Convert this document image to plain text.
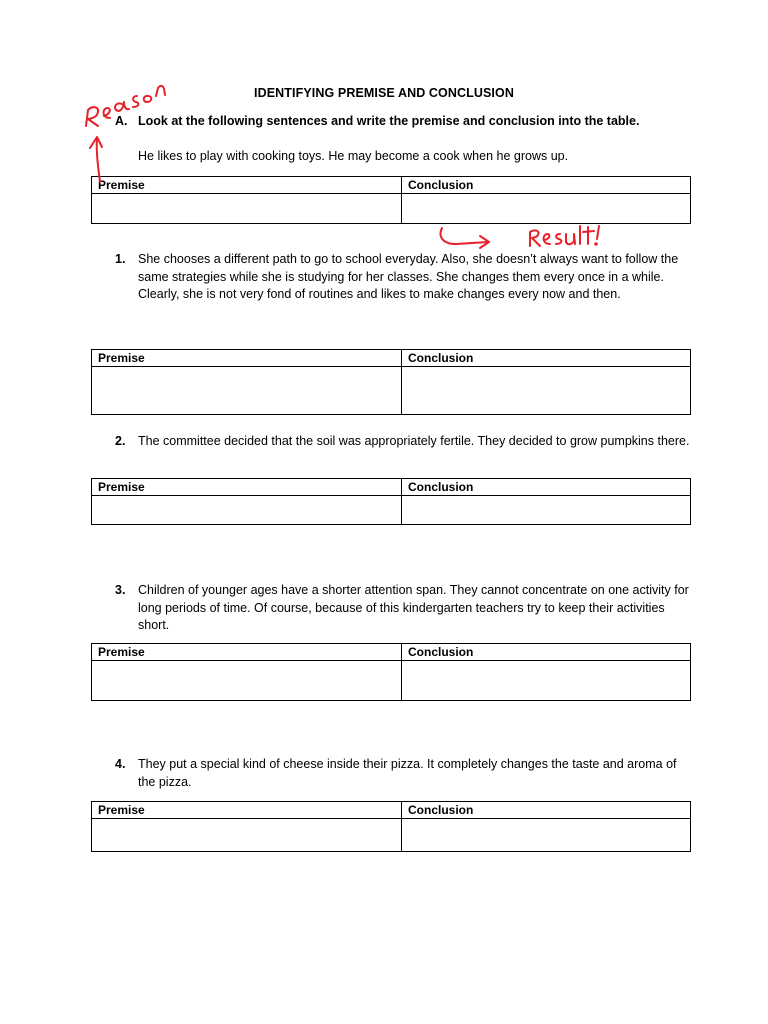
IDENTIFYING PREMISE AND CONCLUSION
A. Look at the following sentences and write the premise and conclusion into the table.
He likes to play with cooking toys. He may become a cook when he grows up.
Premise	Conclusion

1. She chooses a different path to go to school everyday. Also, she doesn’t always want to follow the same strategies while she is studying for her classes. She changes them every once in a while. Clearly, she is not very fond of routines and likes to make changes every now and then.
Premise	Conclusion

2. The committee decided that the soil was appropriately fertile. They decided to grow pumpkins there.
Premise	Conclusion

3. Children of younger ages have a shorter attention span. They cannot concentrate on one activity for long periods of time. Of course, because of this kindergarten teachers try to keep their activities short.
Premise	Conclusion

4. They put a special kind of cheese inside their pizza. It completely changes the taste and aroma of the pizza.
Premise	Conclusion
